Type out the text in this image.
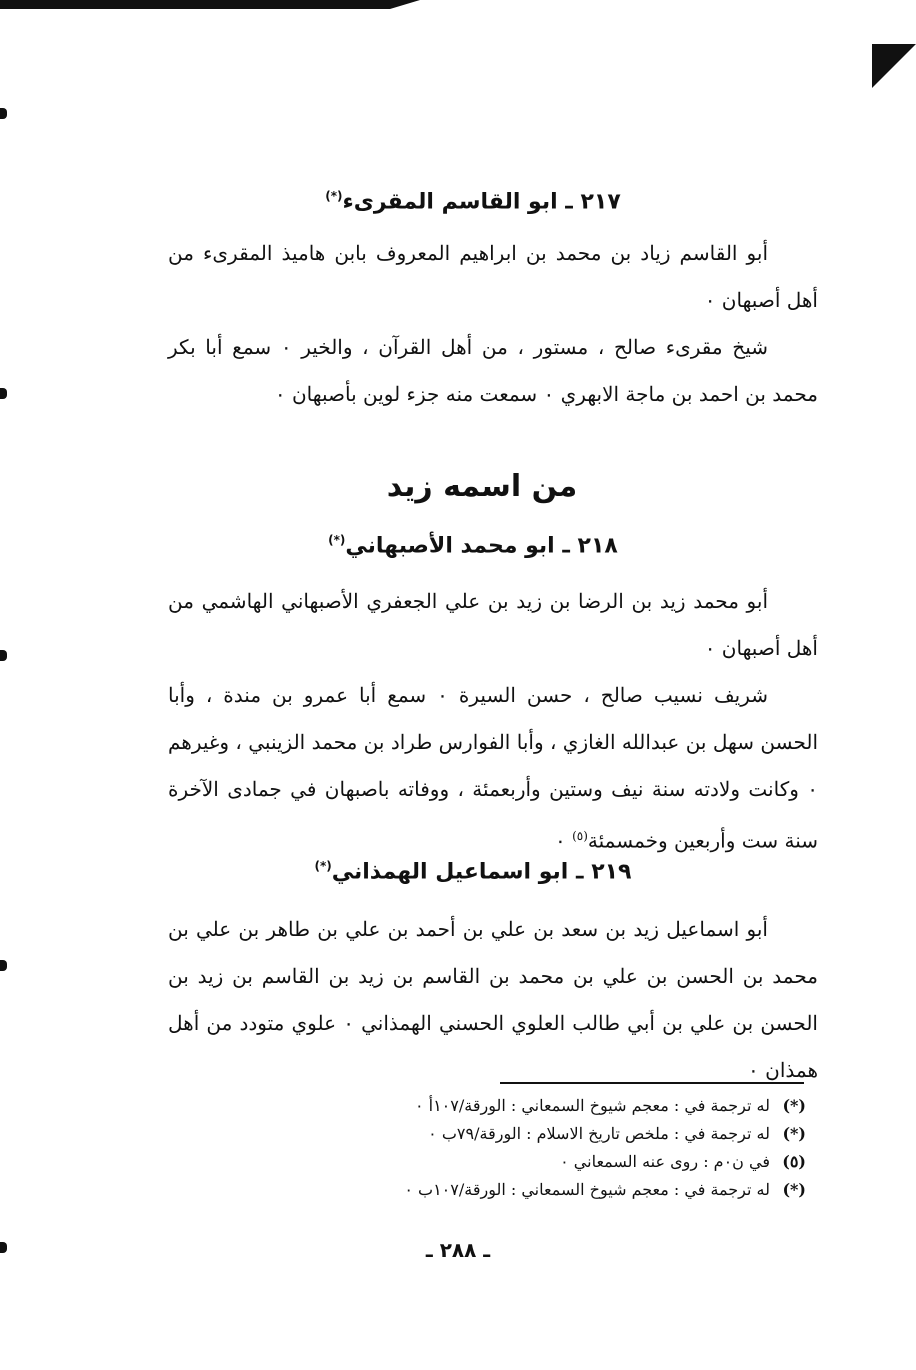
٢١٧ ـ ابو القاسم المقرىء(*)

أبو القاسم زياد بن محمد بن ابراهيم المعروف بابن هاميذ المقرىء من أهل أصبهان ٠

شيخ مقرىء صالح ، مستور ، من أهل القرآن ، والخير ٠ سمع أبا بكر محمد بن احمد بن ماجة الابهري ٠ سمعت منه جزء لوين بأصبهان ٠

من اسمه زيد
٢١٨ ـ ابو محمد الأصبهاني(*)

أبو محمد زيد بن الرضا بن زيد بن علي الجعفري الأصبهاني الهاشمي من أهل أصبهان ٠

شريف نسيب صالح ، حسن السيرة ٠ سمع أبا عمرو بن مندة ، وأبا الحسن سهل بن عبدالله الغازي ، وأبا الفوارس طراد بن محمد الزينبي ، وغيرهم ٠ وكانت ولادته سنة نيف وستين وأربعمئة ، ووفاته باصبهان في جمادى الآخرة سنة ست وأربعين وخمسمئة$^{(٥)}$ ٠

٢١٩ ـ ابو اسماعيل الهمذاني(*)

أبو اسماعيل زيد بن سعد بن علي بن أحمد بن علي بن طاهر بن علي بن محمد بن الحسن بن علي بن محمد بن القاسم بن زيد بن القاسم بن زيد بن الحسن بن علي بن أبي طالب العلوي الحسني الهمذاني ٠ علوي متودد من أهل همذان ٠

(*)له ترجمة في : معجم شيوخ السمعاني : الورقة/١٠٧أ ٠
(*)له ترجمة في : ملخص تاريخ الاسلام : الورقة/٧٩ب ٠
(٥)في ن٠م : روى عنه السمعاني ٠
(*)له ترجمة في : معجم شيوخ السمعاني : الورقة/١٠٧ب ٠
ـ ٢٨٨ ـ
